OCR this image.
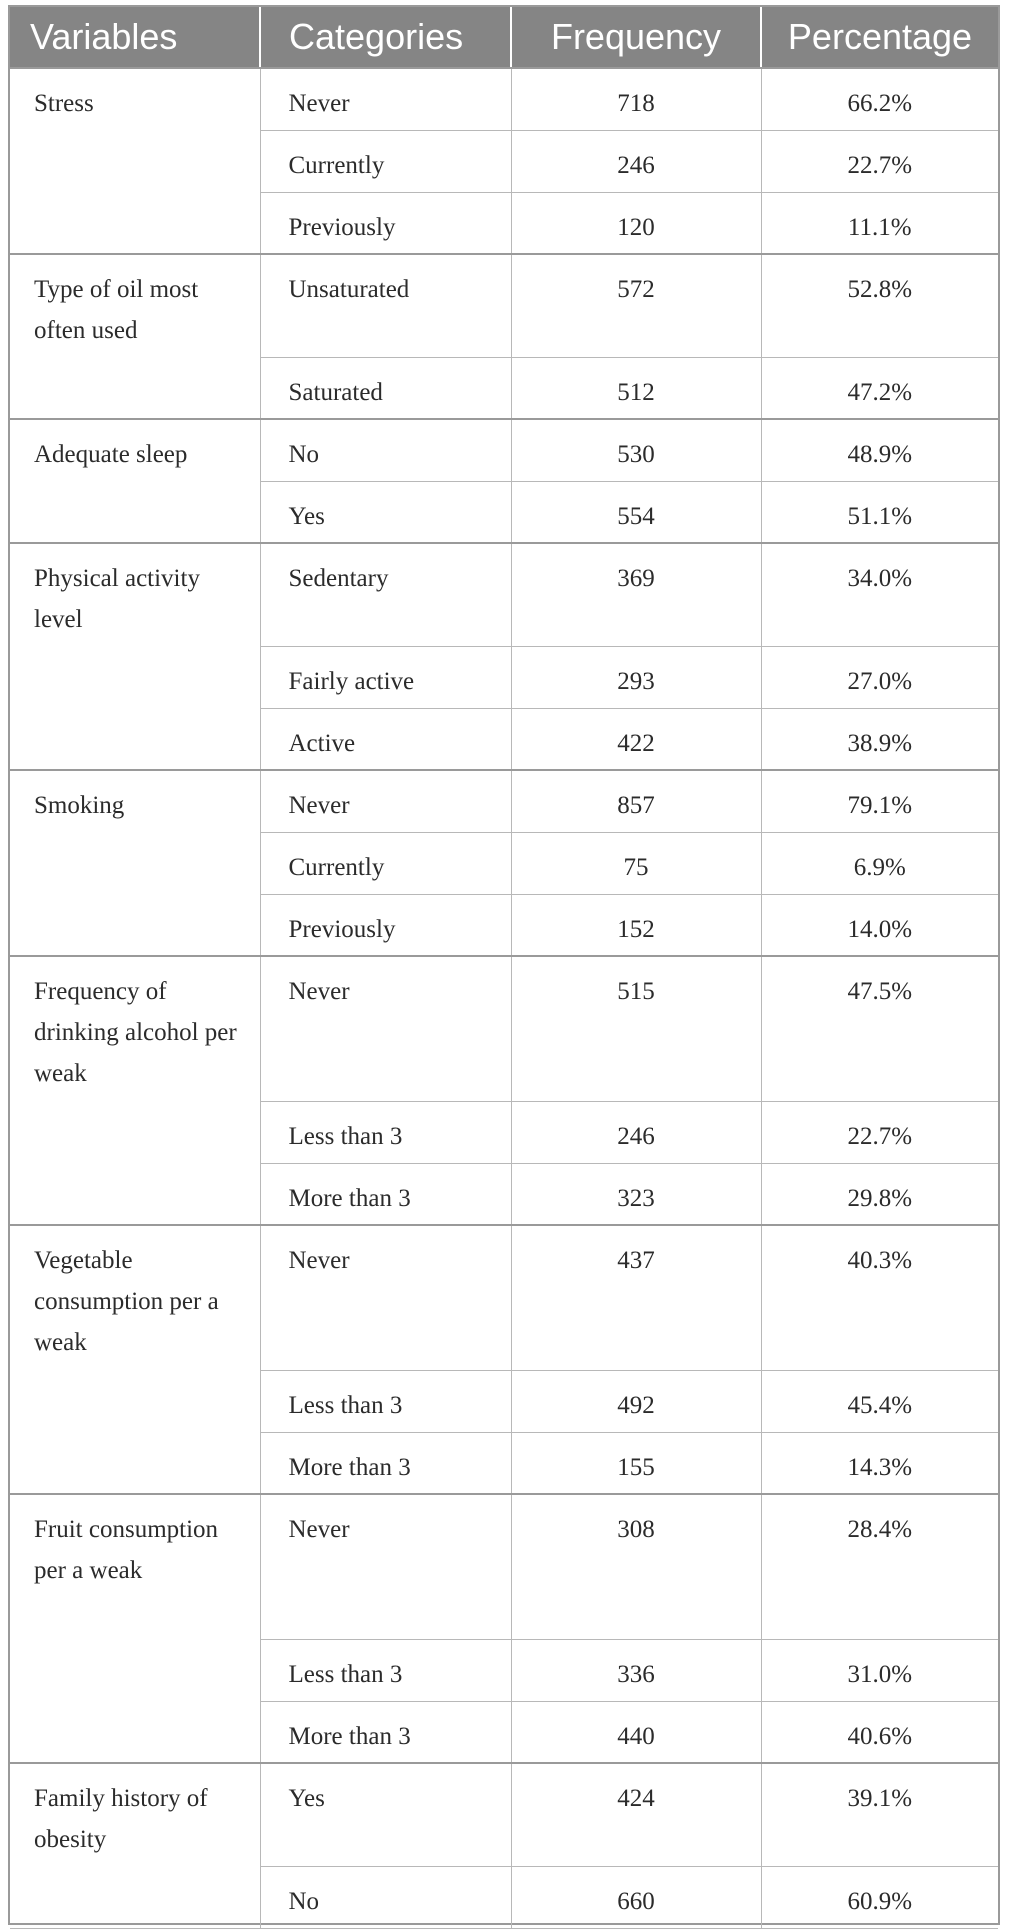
Variables	Categories	Frequency	Percentage
Stress	Never	718	66.2%
	Currently	246	22.7%
	Previously	120	11.1%
Type of oil most often used	Unsaturated	572	52.8%
	Saturated	512	47.2%
Adequate sleep	No	530	48.9%
	Yes	554	51.1%
Physical activity level	Sedentary	369	34.0%
	Fairly active	293	27.0%
	Active	422	38.9%
Smoking	Never	857	79.1%
	Currently	75	6.9%
	Previously	152	14.0%
Frequency of drinking alcohol per weak	Never	515	47.5%
	Less than 3	246	22.7%
	More than 3	323	29.8%
Vegetable consumption per a weak	Never	437	40.3%
	Less than 3	492	45.4%
	More than 3	155	14.3%
Fruit consumption per a weak	Never	308	28.4%
	Less than 3	336	31.0%
	More than 3	440	40.6%
Family history of obesity	Yes	424	39.1%
	No	660	60.9%
